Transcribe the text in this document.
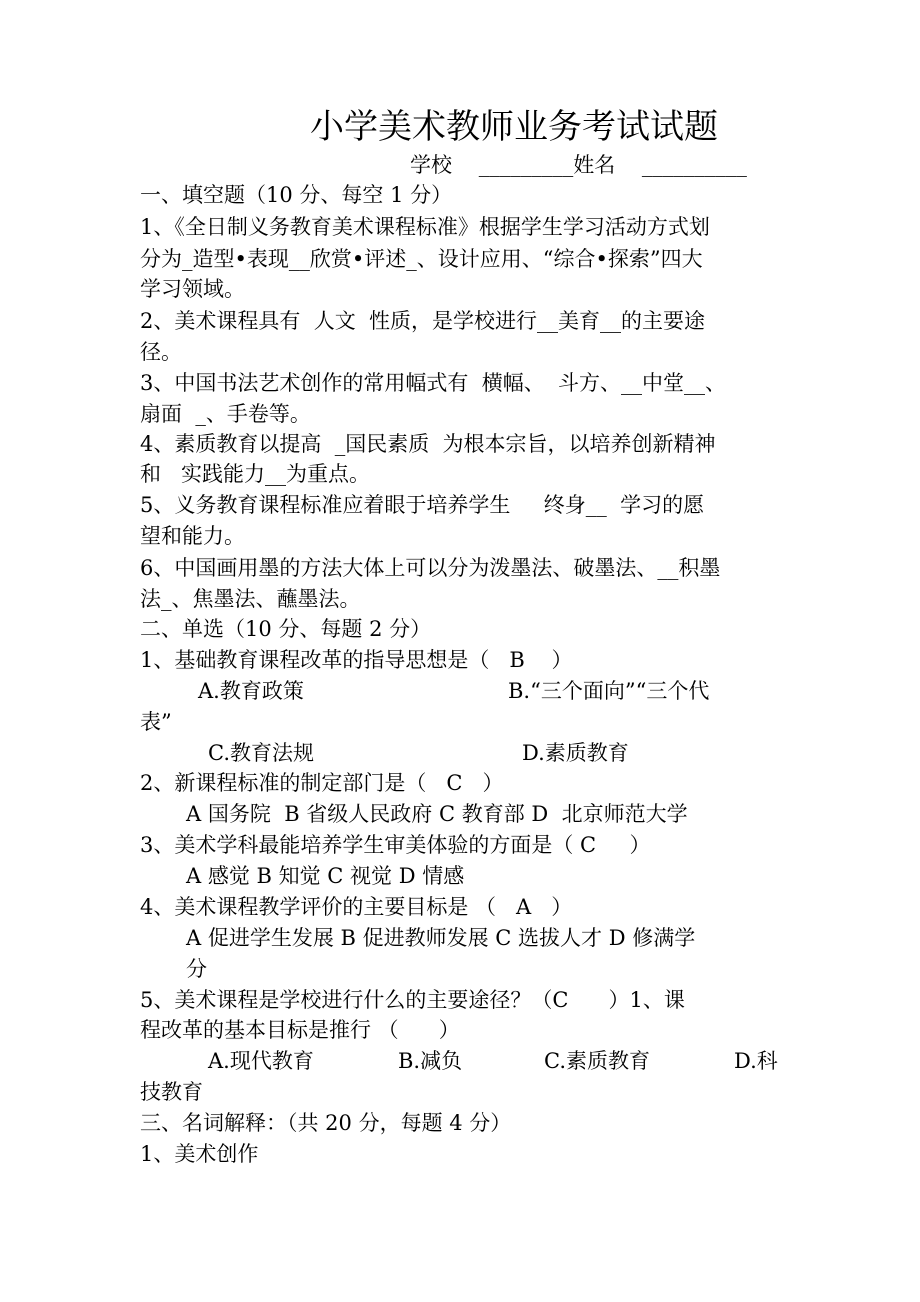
小学美术教师业务考试试题
学校    _________姓名    __________
一、填空题（10 分、每空 1 分）
1、《全日制义务教育美术课程标准》根据学生学习活动方式划
分为_造型•表现__欣赏•评述_、设计应用、“综合•探索”四大
学习领域。
2、美术课程具有  人文  性质，是学校进行__美育__的主要途
径。
3、中国书法艺术创作的常用幅式有  横幅、  斗方、__中堂__、
扇面  _、手卷等。
4、素质教育以提高  _国民素质  为根本宗旨，以培养创新精神
和   实践能力__为重点。
5、义务教育课程标准应着眼于培养学生     终身__  学习的愿
望和能力。
6、中国画用墨的方法大体上可以分为泼墨法、破墨法、__积墨
法_、焦墨法、蘸墨法。
二、单选（10 分、每题 2 分）
1、基础教育课程改革的指导思想是（   B    ）
A.教育政策	B.“三个面向”“三个代
表”
C.教育法规	D.素质教育
2、新课程标准的制定部门是（   C   ）
A 国务院  B 省级人民政府 C 教育部 D  北京师范大学
3、美术学科最能培养学生审美体验的方面是（ C     ）
A 感觉 B 知觉 C 视觉 D 情感
4、美术课程教学评价的主要目标是 （   A   ）
A 促进学生发展 B 促进教师发展 C 选拔人才 D 修满学
分
5、美术课程是学校进行什么的主要途径？（C      ）1、课
程改革的基本目标是推行 （      ）
A.现代教育	B.减负	C.素质教育	D.科
技教育
三、名词解释：（共 20 分，每题 4 分）
1、美术创作
